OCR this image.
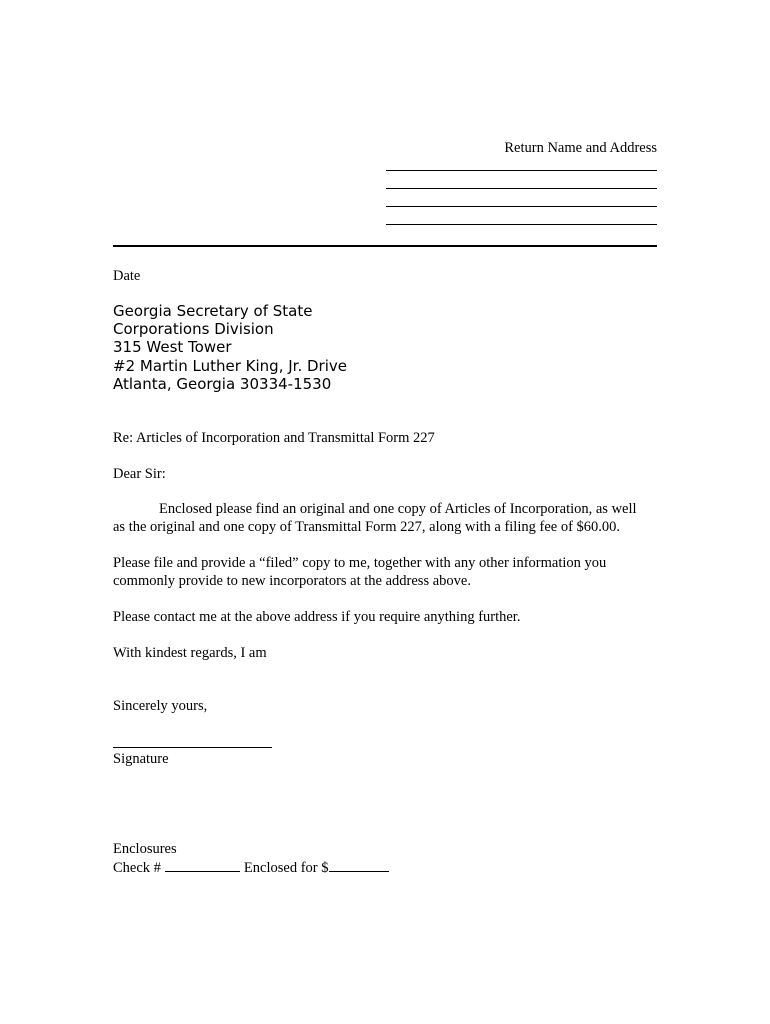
Return Name and Address
Date
Georgia Secretary of State
Corporations Division
315 West Tower
#2 Martin Luther King, Jr. Drive
Atlanta, Georgia 30334-1530
Re: Articles of Incorporation and Transmittal Form 227
Dear Sir:
Enclosed please find an original and one copy of Articles of Incorporation, as well
as the original and one copy of Transmittal Form 227, along with a filing fee of $60.00.
Please file and provide a “filed” copy to me, together with any other information you
commonly provide to new incorporators at the address above.
Please contact me at the above address if you require anything further.
With kindest regards, I am
Sincerely yours,
Signature
Enclosures
Check #	Enclosed for $
